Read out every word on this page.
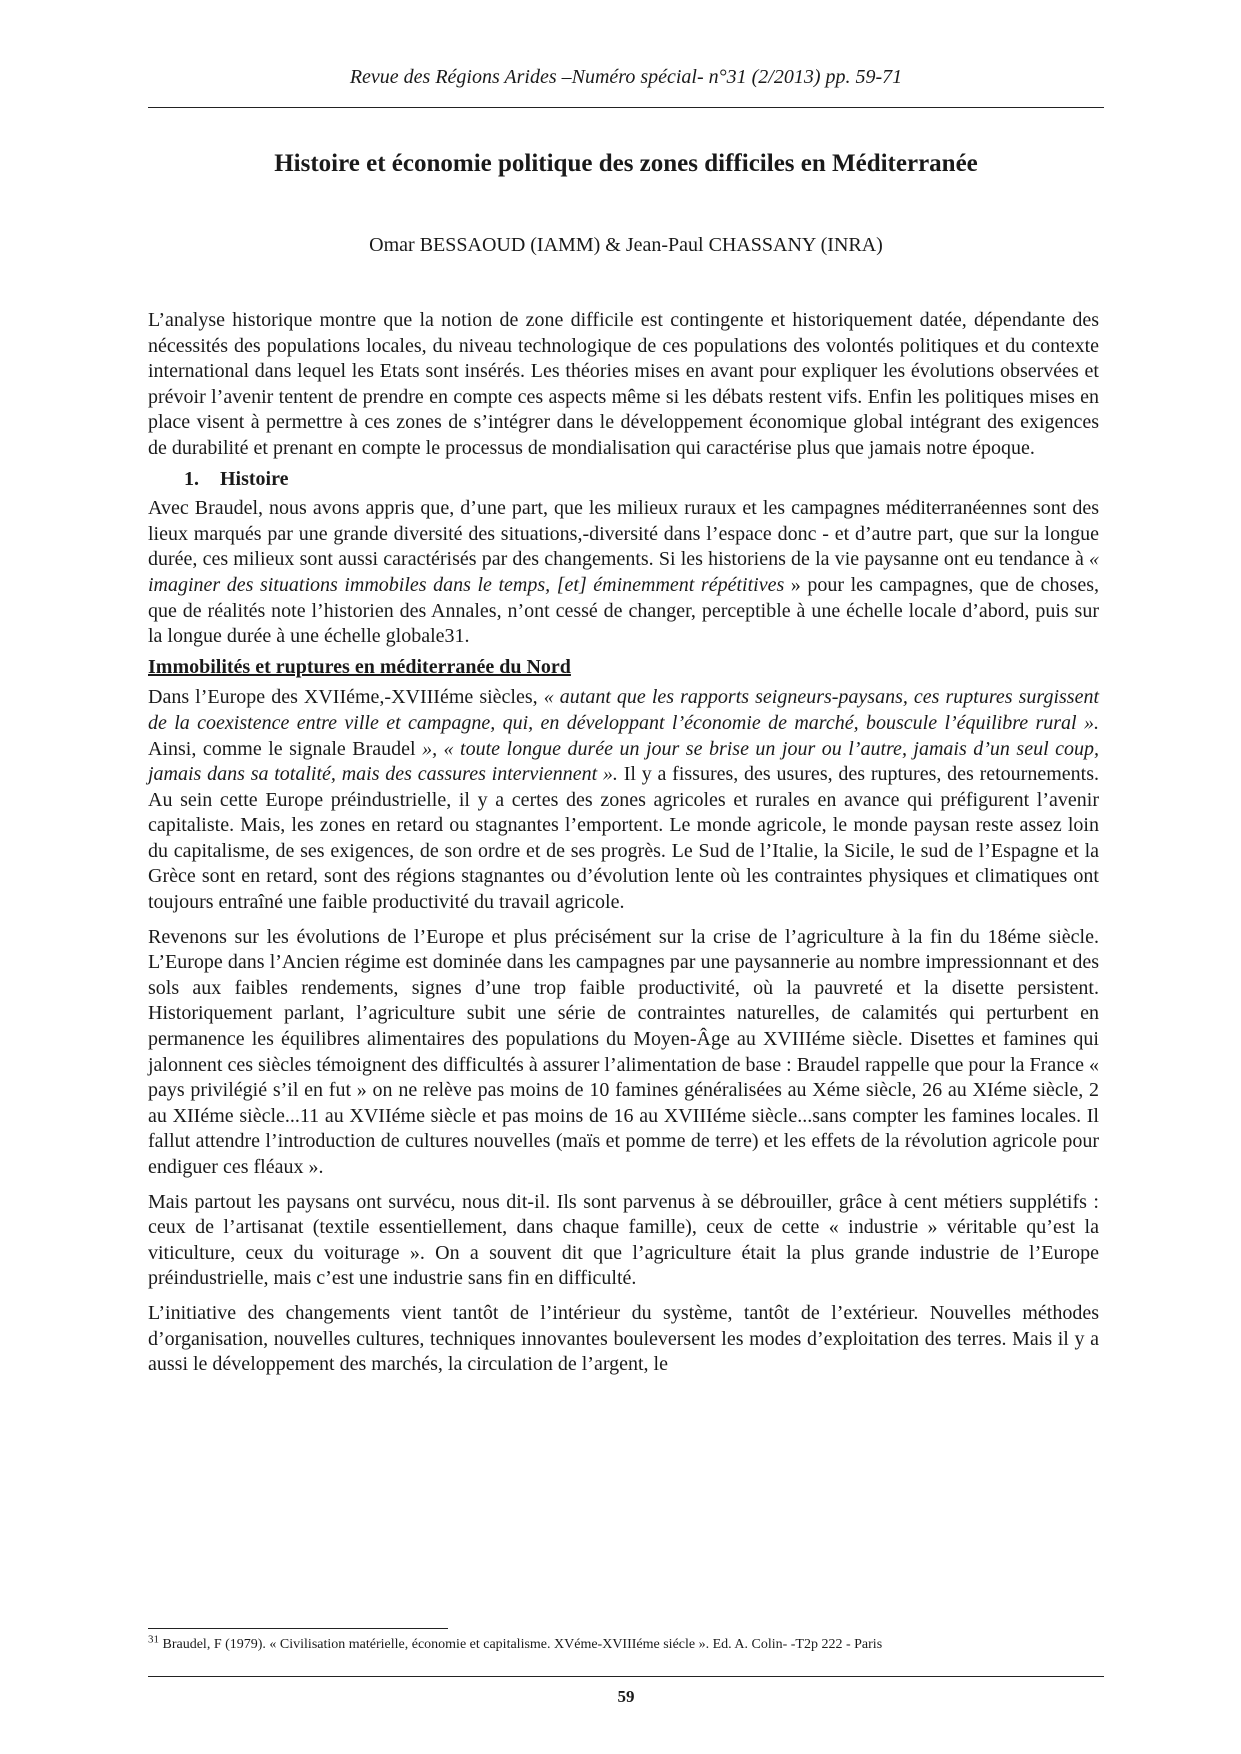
Revue des Régions Arides –Numéro spécial- n°31 (2/2013) pp. 59-71
Histoire et économie politique des zones difficiles en Méditerranée
Omar BESSAOUD (IAMM) & Jean-Paul CHASSANY (INRA)

L’analyse historique montre que la notion de zone difficile est contingente et historiquement datée, dépendante des nécessités des populations locales, du niveau technologique de ces populations des volontés politiques et du contexte international dans lequel les Etats sont insérés. Les théories mises en avant pour expliquer les évolutions observées et prévoir l’avenir tentent de prendre en compte ces aspects même si les débats restent vifs. Enfin les politiques mises en place visent à permettre à ces zones de s’intégrer dans le développement économique global intégrant des exigences de durabilité et prenant en compte le processus de mondialisation qui caractérise plus que jamais notre époque.

1. Histoire

Avec Braudel, nous avons appris que, d’une part, que les milieux ruraux et les campagnes méditerranéennes sont des lieux marqués par une grande diversité des situations,-diversité dans l’espace donc - et d’autre part, que sur la longue durée, ces milieux sont aussi caractérisés par des changements. Si les historiens de la vie paysanne ont eu tendance à « imaginer des situations immobiles dans le temps, [et] éminemment répétitives » pour les campagnes, que de choses, que de réalités note l’historien des Annales, n’ont cessé de changer, perceptible à une échelle locale d’abord, puis sur la longue durée à une échelle globale31.

Immobilités et ruptures en méditerranée du Nord

Dans l’Europe des XVIIéme,-XVIIIéme siècles, « autant que les rapports seigneurs-paysans, ces ruptures surgissent de la coexistence entre ville et campagne, qui, en développant l’économie de marché, bouscule l’équilibre rural ». Ainsi, comme le signale Braudel », « toute longue durée un jour se brise un jour ou l’autre, jamais d’un seul coup, jamais dans sa totalité, mais des cassures interviennent ». Il y a fissures, des usures, des ruptures, des retournements. Au sein cette Europe préindustrielle, il y a certes des zones agricoles et rurales en avance qui préfigurent l’avenir capitaliste. Mais, les zones en retard ou stagnantes l’emportent. Le monde agricole, le monde paysan reste assez loin du capitalisme, de ses exigences, de son ordre et de ses progrès. Le Sud de l’Italie, la Sicile, le sud de l’Espagne et la Grèce sont en retard, sont des régions stagnantes ou d’évolution lente où les contraintes physiques et climatiques ont toujours entraîné une faible productivité du travail agricole.

Revenons sur les évolutions de l’Europe et plus précisément sur la crise de l’agriculture à la fin du 18éme siècle. L’Europe dans l’Ancien régime est dominée dans les campagnes par une paysannerie au nombre impressionnant et des sols aux faibles rendements, signes d’une trop faible productivité, où la pauvreté et la disette persistent. Historiquement parlant, l’agriculture subit une série de contraintes naturelles, de calamités qui perturbent en permanence les équilibres alimentaires des populations du Moyen-Âge au XVIIIéme siècle. Disettes et famines qui jalonnent ces siècles témoignent des difficultés à assurer l’alimentation de base : Braudel rappelle que pour la France « pays privilégié s’il en fut » on ne relève pas moins de 10 famines généralisées au Xéme siècle, 26 au XIéme siècle, 2 au XIIéme siècle...11 au XVIIéme siècle et pas moins de 16 au XVIIIéme siècle...sans compter les famines locales. Il fallut attendre l’introduction de cultures nouvelles (maïs et pomme de terre) et les effets de la révolution agricole pour endiguer ces fléaux ».

Mais partout les paysans ont survécu, nous dit-il. Ils sont parvenus à se débrouiller, grâce à cent métiers supplétifs : ceux de l’artisanat (textile essentiellement, dans chaque famille), ceux de cette « industrie » véritable qu’est la viticulture, ceux du voiturage ». On a souvent dit que l’agriculture était la plus grande industrie de l’Europe préindustrielle, mais c’est une industrie sans fin en difficulté.

L’initiative des changements vient tantôt de l’intérieur du système, tantôt de l’extérieur. Nouvelles méthodes d’organisation, nouvelles cultures, techniques innovantes bouleversent les modes d’exploitation des terres. Mais il y a aussi le développement des marchés, la circulation de l’argent, le

$^{31}$ Braudel, F (1979). « Civilisation matérielle, économie et capitalisme. XVéme-XVIIIéme siécle ». Ed. A. Colin- -T2p 222 - Paris
59
